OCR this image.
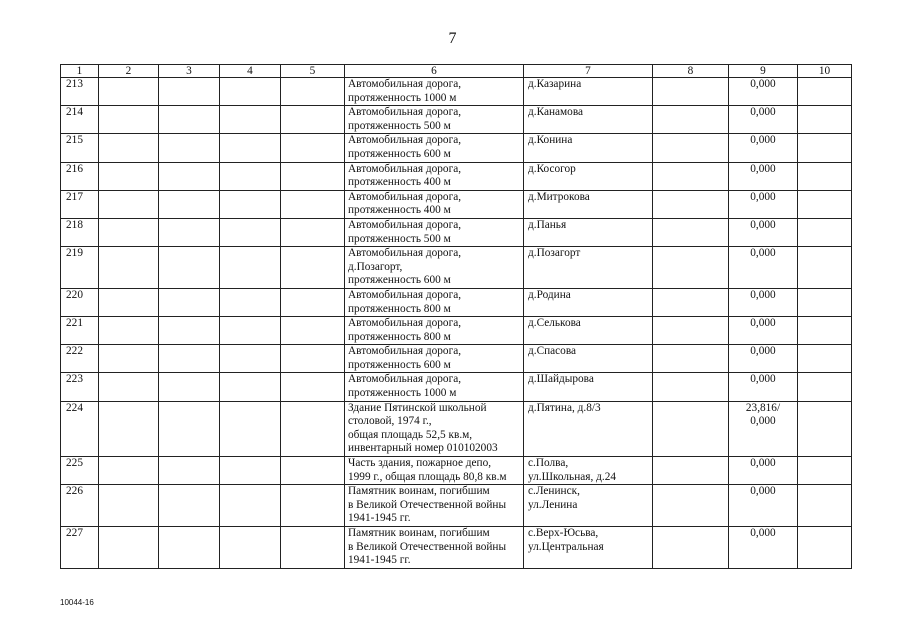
7
1	2	3	4	5	6	7	8	9	10
213					Автомобильная дорога,
протяженность 1000 м	д.Казарина		0,000	
214					Автомобильная дорога,
протяженность 500 м	д.Канамова		0,000	
215					Автомобильная дорога,
протяженность 600 м	д.Конина		0,000	
216					Автомобильная дорога,
протяженность 400 м	д.Косогор		0,000	
217					Автомобильная дорога,
протяженность 400 м	д.Митрокова		0,000	
218					Автомобильная дорога,
протяженность 500 м	д.Панья		0,000	
219					Автомобильная дорога,
д.Позагорт,
протяженность 600 м	д.Позагорт		0,000	
220					Автомобильная дорога,
протяженность 800 м	д.Родина		0,000	
221					Автомобильная дорога,
протяженность 800 м	д.Селькова		0,000	
222					Автомобильная дорога,
протяженность 600 м	д.Спасова		0,000	
223					Автомобильная дорога,
протяженность 1000 м	д.Шайдырова		0,000	
224					Здание Пятинской школьной
столовой, 1974 г.,
общая площадь 52,5 кв.м,
инвентарный номер 010102003	д.Пятина, д.8/3		23,816/
0,000	
225					Часть здания, пожарное депо,
1999 г., общая площадь 80,8 кв.м	с.Полва,
ул.Школьная, д.24		0,000	
226					Памятник воинам, погибшим
в Великой Отечественной войны
1941-1945 гг.	с.Ленинск,
ул.Ленина		0,000	
227					Памятник воинам, погибшим
в Великой Отечественной войны
1941-1945 гг.	с.Верх-Юсьва,
ул.Центральная		0,000	
10044-16
